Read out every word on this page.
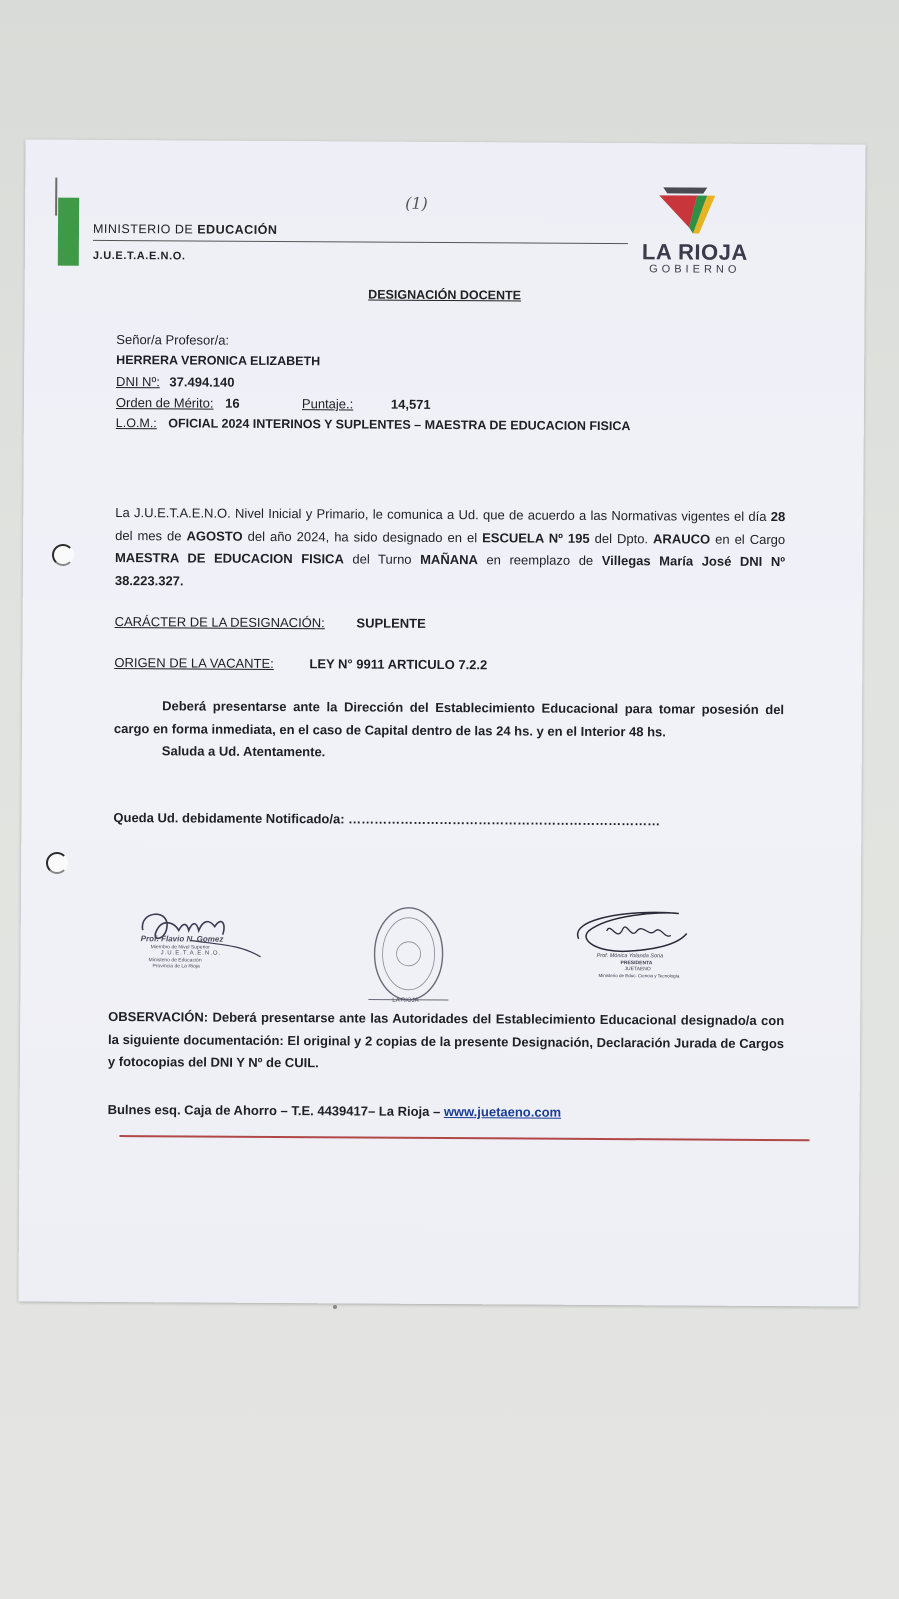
MINISTERIO DE EDUCACIÓN
J.U.E.T.A.E.N.O.
(1)
LA RIOJA
GOBIERNO
DESIGNACIÓN DOCENTE
Señor/a Profesor/a:
HERRERA VERONICA ELIZABETH
DNI Nº: 37.494.140
Orden de Mérito: 16	Puntaje.:	14,571
L.O.M.: OFICIAL 2024 INTERINOS Y SUPLENTES – MAESTRA DE EDUCACION FISICA
La J.U.E.T.A.E.N.O. Nivel Inicial y Primario, le comunica a Ud. que de acuerdo a las Normativas vigentes el día 28 del mes de AGOSTO del año 2024, ha sido designado en el ESCUELA Nº 195 del Dpto. ARAUCO en el Cargo MAESTRA DE EDUCACION FISICA del Turno MAÑANA en reemplazo de Villegas María José DNI Nº 38.223.327.
CARÁCTER DE LA DESIGNACIÓN: SUPLENTE
ORIGEN DE LA VACANTE:	LEY N° 9911 ARTICULO 7.2.2
Deberá presentarse ante la Dirección del Establecimiento Educacional para tomar posesión del cargo en forma inmediata, en el caso de Capital dentro de las 24 hs. y en el Interior 48 hs.
Saluda a Ud. Atentamente.
Queda Ud. debidamente Notificado/a: ………………………………………………………………
Prof. Flavio N. Gomez
Miembro de Nivel Superior
J.U.E.T.A.E.N.O.
Ministerio de Educación
Provincia de La Rioja
LA RIOJA
Prof. Mónica Yolanda Soria
PRESIDENTA
JUETAENO
Ministerio de Educ. Ciencia y Tecnología
OBSERVACIÓN: Deberá presentarse ante las Autoridades del Establecimiento Educacional designado/a con la siguiente documentación: El original y 2 copias de la presente Designación, Declaración Jurada de Cargos y fotocopias del DNI Y Nº de CUIL.
Bulnes esq. Caja de Ahorro – T.E. 4439417– La Rioja – www.juetaeno.com
